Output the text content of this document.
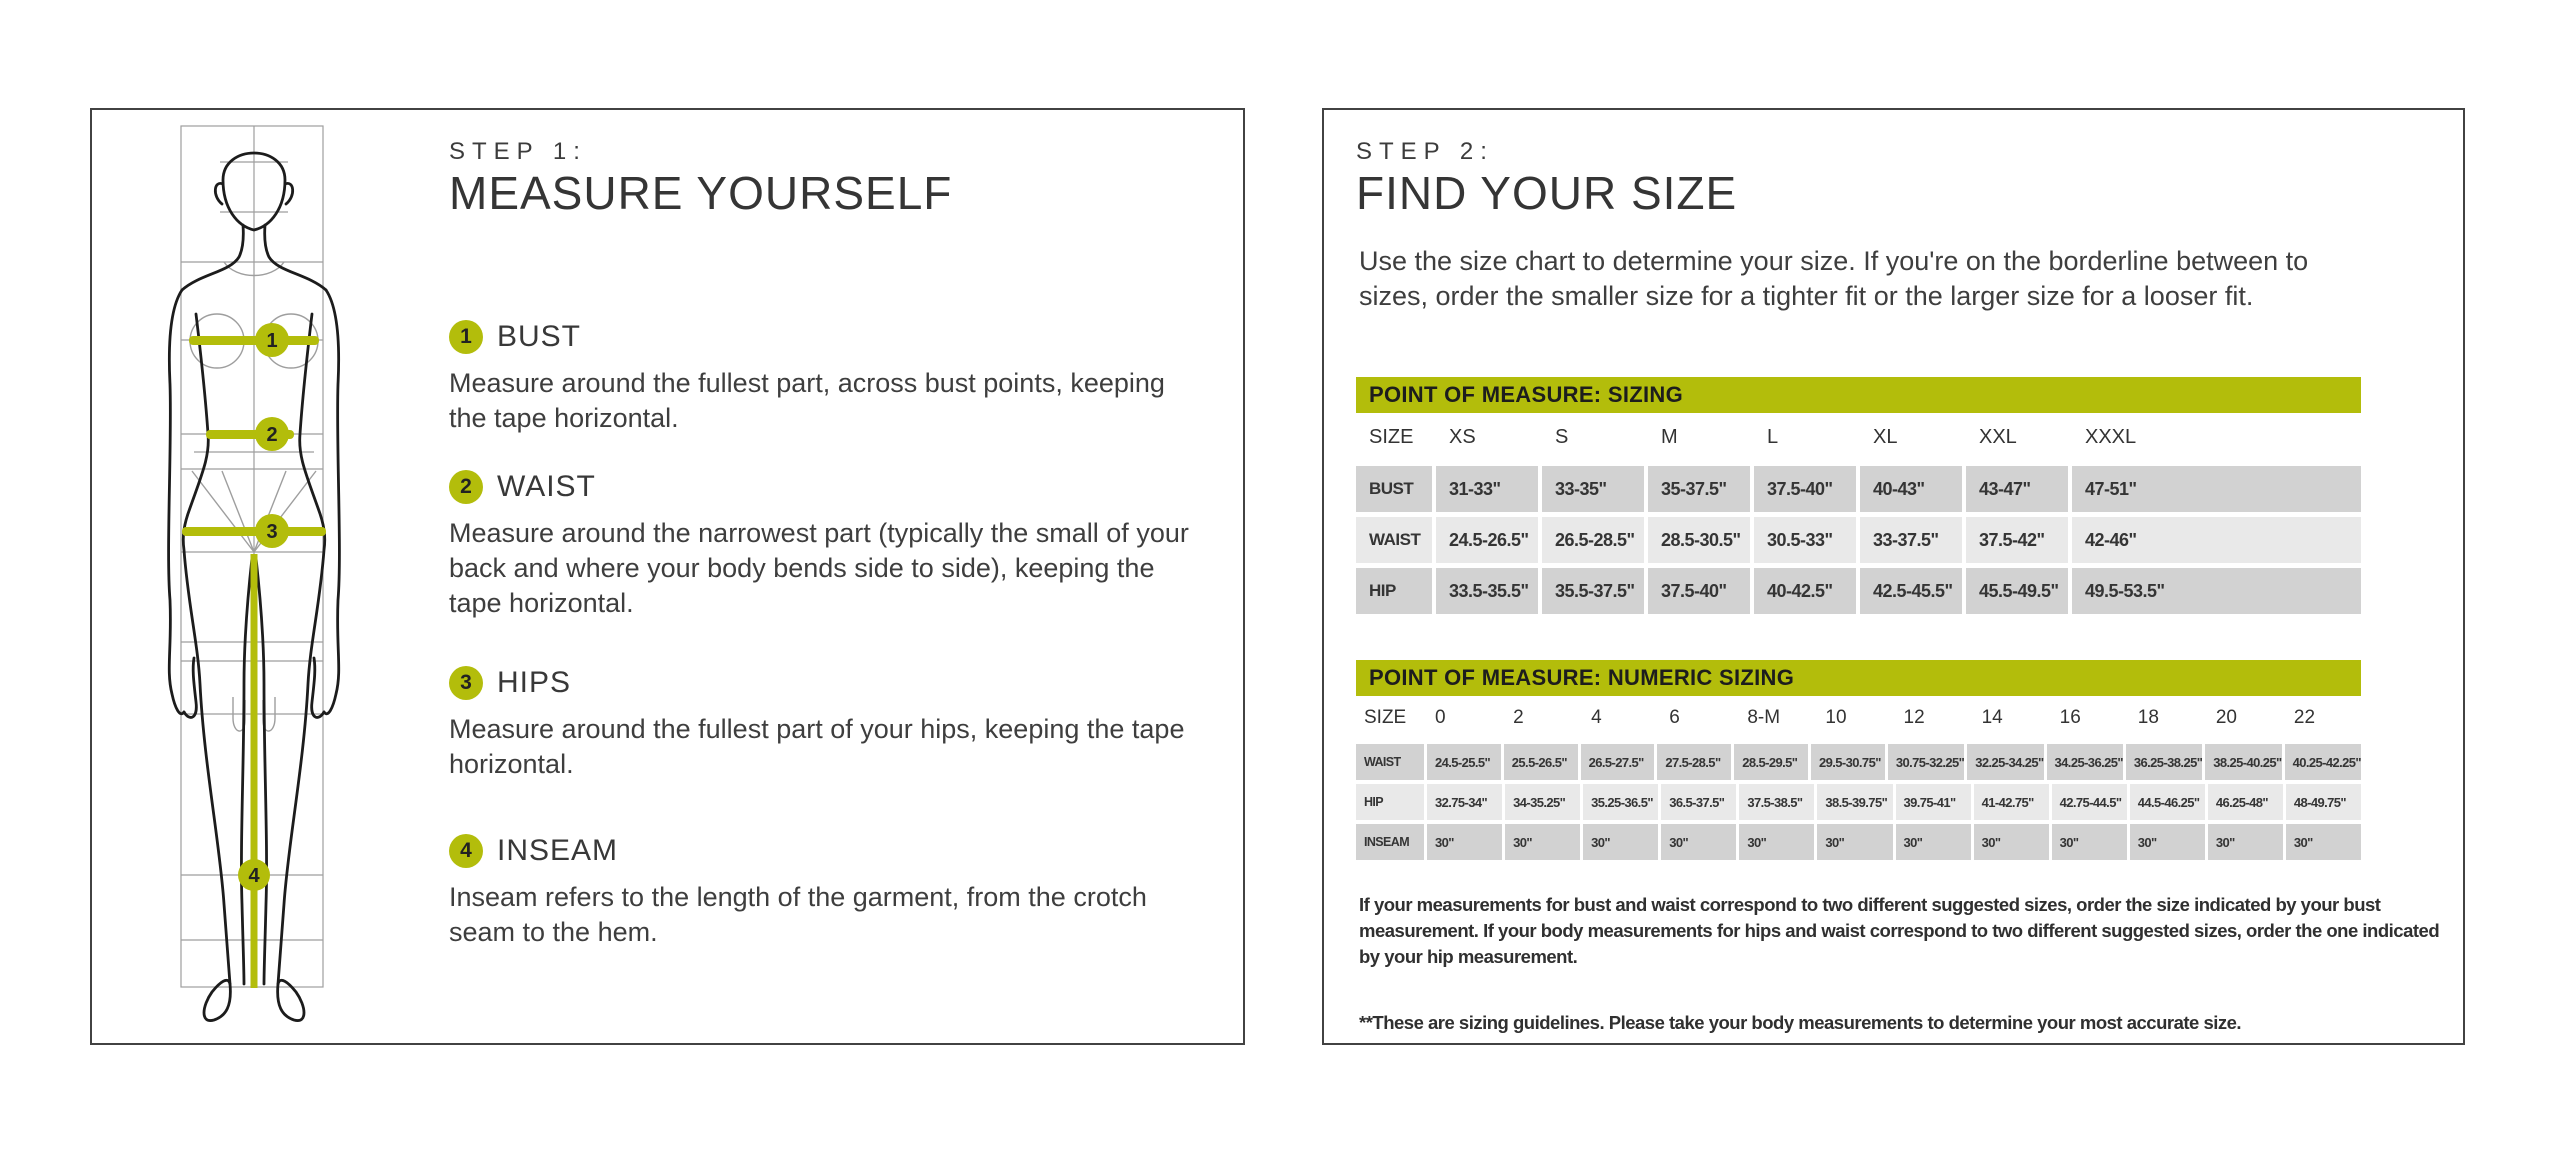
1
2
3
4
STEP 1:
MEASURE YOURSELF
1 BUST

Measure around the fullest part, across bust points, keeping the tape horizontal.

2 WAIST

Measure around the narrowest part (typically the small of your back and where your body bends side to side), keeping the tape horizontal.

3 HIPS

Measure around the fullest part of your hips, keeping the tape horizontal.

4 INSEAM

Inseam refers to the length of the garment, from the crotch seam to the hem.

STEP 2:
FIND YOUR SIZE

Use the size chart to determine your size. If you're on the borderline between to sizes, order the smaller size for a tighter fit or the larger size for a looser fit.

POINT OF MEASURE: SIZING
SIZE	XS	S	M	L	XL	XXL	XXXL
BUST	31-33"	33-35"	35-37.5"	37.5-40"	40-43"	43-47"	47-51"
WAIST	24.5-26.5"	26.5-28.5"	28.5-30.5"	30.5-33"	33-37.5"	37.5-42"	42-46"
HIP	33.5-35.5"	35.5-37.5"	37.5-40"	40-42.5"	42.5-45.5"	45.5-49.5"	49.5-53.5"
POINT OF MEASURE: NUMERIC SIZING
SIZE	0	2	4	6	8-M	10	12	14	16	18	20	22
WAIST	24.5-25.5"	25.5-26.5"	26.5-27.5"	27.5-28.5"	28.5-29.5"	29.5-30.75"	30.75-32.25" 32.25-34.25" 34.25-36.25" 36.25-38.25" 38.25-40.25" 40.25-42.25"
HIP	32.75-34"	34-35.25"	35.25-36.5"	36.5-37.5"	37.5-38.5"	38.5-39.75"	39.75-41"	41-42.75"	42.75-44.5"	44.5-46.25"	46.25-48"	48-49.75"
INSEAM	30"	30"	30"	30"	30"	30"	30"	30"	30"	30"	30"	30"

If your measurements for bust and waist correspond to two different suggested sizes, order the size indicated by your bust measurement. If your body measurements for hips and waist correspond to two different suggested sizes, order the one indicated by your hip measurement.

**These are sizing guidelines. Please take your body measurements to determine your most accurate size.
